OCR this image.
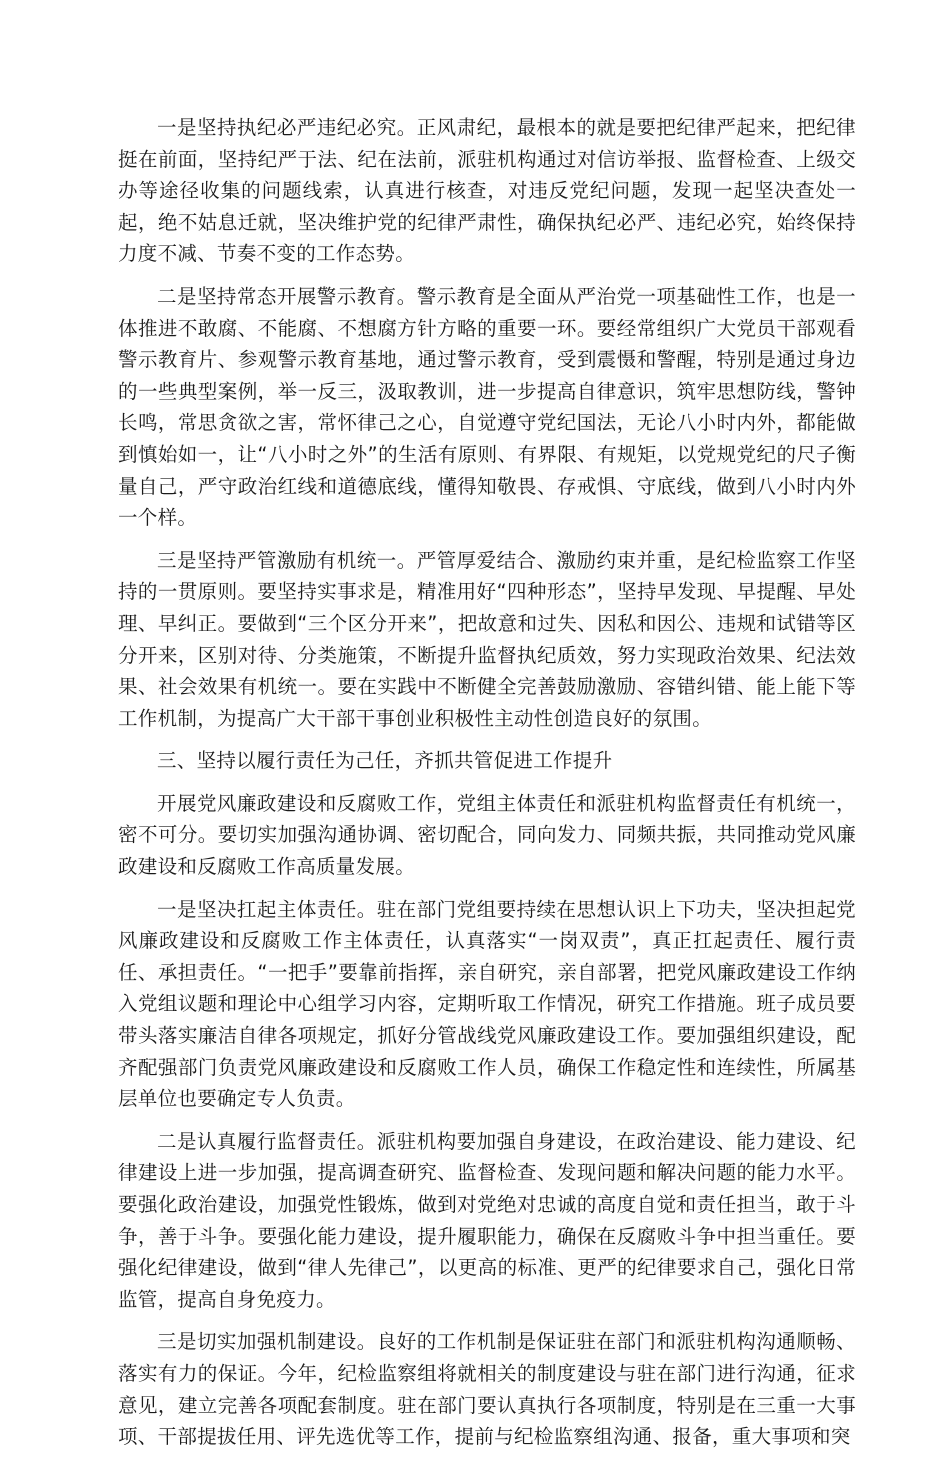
一是坚持执纪必严违纪必究。正风肃纪，最根本的就是要把纪律严起来，把纪律挺在前面，坚持纪严于法、纪在法前，派驻机构通过对信访举报、监督检查、上级交办等途径收集的问题线索，认真进行核查，对违反党纪问题，发现一起坚决查处一起，绝不姑息迁就，坚决维护党的纪律严肃性，确保执纪必严、违纪必究，始终保持力度不减、节奏不变的工作态势。

二是坚持常态开展警示教育。警示教育是全面从严治党一项基础性工作，也是一体推进不敢腐、不能腐、不想腐方针方略的重要一环。要经常组织广大党员干部观看警示教育片、参观警示教育基地，通过警示教育，受到震慑和警醒，特别是通过身边的一些典型案例，举一反三，汲取教训，进一步提高自律意识，筑牢思想防线，警钟长鸣，常思贪欲之害，常怀律己之心，自觉遵守党纪国法，无论八小时内外，都能做到慎始如一，让“八小时之外”的生活有原则、有界限、有规矩，以党规党纪的尺子衡量自己，严守政治红线和道德底线，懂得知敬畏、存戒惧、守底线，做到八小时内外一个样。

三是坚持严管激励有机统一。严管厚爱结合、激励约束并重，是纪检监察工作坚持的一贯原则。要坚持实事求是，精准用好“四种形态”，坚持早发现、早提醒、早处理、早纠正。要做到“三个区分开来”，把故意和过失、因私和因公、违规和试错等区分开来，区别对待、分类施策，不断提升监督执纪质效，努力实现政治效果、纪法效果、社会效果有机统一。要在实践中不断健全完善鼓励激励、容错纠错、能上能下等工作机制，为提高广大干部干事创业积极性主动性创造良好的氛围。

三、坚持以履行责任为己任，齐抓共管促进工作提升

开展党风廉政建设和反腐败工作，党组主体责任和派驻机构监督责任有机统一，密不可分。要切实加强沟通协调、密切配合，同向发力、同频共振，共同推动党风廉政建设和反腐败工作高质量发展。

一是坚决扛起主体责任。驻在部门党组要持续在思想认识上下功夫，坚决担起党风廉政建设和反腐败工作主体责任，认真落实“一岗双责”，真正扛起责任、履行责任、承担责任。“一把手”要靠前指挥，亲自研究，亲自部署，把党风廉政建设工作纳入党组议题和理论中心组学习内容，定期听取工作情况，研究工作措施。班子成员要带头落实廉洁自律各项规定，抓好分管战线党风廉政建设工作。要加强组织建设，配齐配强部门负责党风廉政建设和反腐败工作人员，确保工作稳定性和连续性，所属基层单位也要确定专人负责。

二是认真履行监督责任。派驻机构要加强自身建设，在政治建设、能力建设、纪律建设上进一步加强，提高调查研究、监督检查、发现问题和解决问题的能力水平。要强化政治建设，加强党性锻炼，做到对党绝对忠诚的高度自觉和责任担当，敢于斗争，善于斗争。要强化能力建设，提升履职能力，确保在反腐败斗争中担当重任。要强化纪律建设，做到“律人先律己”，以更高的标准、更严的纪律要求自己，强化日常监管，提高自身免疫力。

三是切实加强机制建设。良好的工作机制是保证驻在部门和派驻机构沟通顺畅、落实有力的保证。今年，纪检监察组将就相关的制度建设与驻在部门进行沟通，征求意见，建立完善各项配套制度。驻在部门要认真执行各项制度，特别是在三重一大事项、干部提拔任用、评先选优等工作，提前与纪检监察组沟通、报备，重大事项和突
